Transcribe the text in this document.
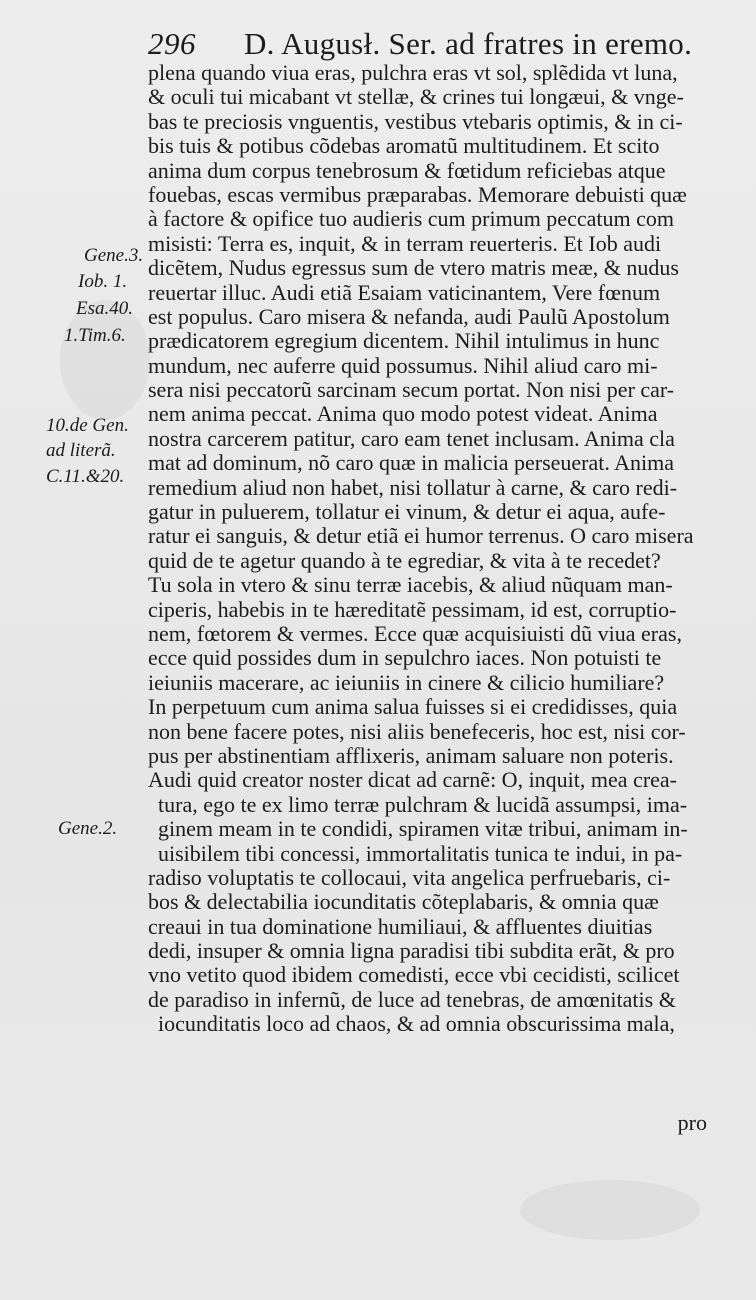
296 D. Augusł. Ser. ad fratres in eremo.
Gene.3.
Iob. 1.
Esa.40.
1.Tim.6.
10.de Gen.
ad literã.
C.11.&20.
Gene.2.
plena quando viua eras, pulchra eras vt sol, splẽdida vt luna,
& oculi tui micabant vt stellæ, & crines tui longæui, & vnge-
bas te preciosis vnguentis, vestibus vtebaris optimis, & in ci-
bis tuis & potibus cõdebas aromatũ multitudinem. Et scito
anima dum corpus tenebrosum & fœtidum reficiebas atque
fouebas, escas vermibus præparabas. Memorare debuisti quæ
à factore & opifice tuo audieris cum primum peccatum com
misisti: Terra es, inquit, & in terram reuerteris. Et Iob audi
dicẽtem, Nudus egressus sum de vtero matris meæ, & nudus
reuertar illuc. Audi etiã Esaiam vaticinantem, Vere fœnum
est populus. Caro misera & nefanda, audi Paulũ Apostolum
prædicatorem egregium dicentem. Nihil intulimus in hunc
mundum, nec auferre quid possumus. Nihil aliud caro mi-
sera nisi peccatorũ sarcinam secum portat. Non nisi per car-
nem anima peccat. Anima quo modo potest videat. Anima
nostra carcerem patitur, caro eam tenet inclusam. Anima cla
mat ad dominum, nõ caro quæ in malicia perseuerat. Anima
remedium aliud non habet, nisi tollatur à carne, & caro redi-
gatur in puluerem, tollatur ei vinum, & detur ei aqua, aufe-
ratur ei sanguis, & detur etiã ei humor terrenus. O caro misera
quid de te agetur quando à te egrediar, & vita à te recedet?
Tu sola in vtero & sinu terræ iacebis, & aliud nũquam man-
ciperis, habebis in te hæreditatẽ pessimam, id est, corruptio-
nem, fœtorem & vermes. Ecce quæ acquisiuisti dũ viua eras,
ecce quid possides dum in sepulchro iaces. Non potuisti te
ieiuniis macerare, ac ieiuniis in cinere & cilicio humiliare?
In perpetuum cum anima salua fuisses si ei credidisses, quia
non bene facere potes, nisi aliis benefeceris, hoc est, nisi cor-
pus per abstinentiam afflixeris, animam saluare non poteris.
Audi quid creator noster dicat ad carnẽ: O, inquit, mea crea-
tura, ego te ex limo terræ pulchram & lucidã assumpsi, ima-
ginem meam in te condidi, spiramen vitæ tribui, animam in-
uisibilem tibi concessi, immortalitatis tunica te indui, in pa-
radiso voluptatis te collocaui, vita angelica perfruebaris, ci-
bos & delectabilia iocunditatis cõteplabaris, & omnia quæ
creaui in tua dominatione humiliaui, & affluentes diuitias
dedi, insuper & omnia ligna paradisi tibi subdita erãt, & pro
vno vetito quod ibidem comedisti, ecce vbi cecidisti, scilicet
de paradiso in infernũ, de luce ad tenebras, de amœnitatis &
iocunditatis loco ad chaos, & ad omnia obscurissima mala,
pro
